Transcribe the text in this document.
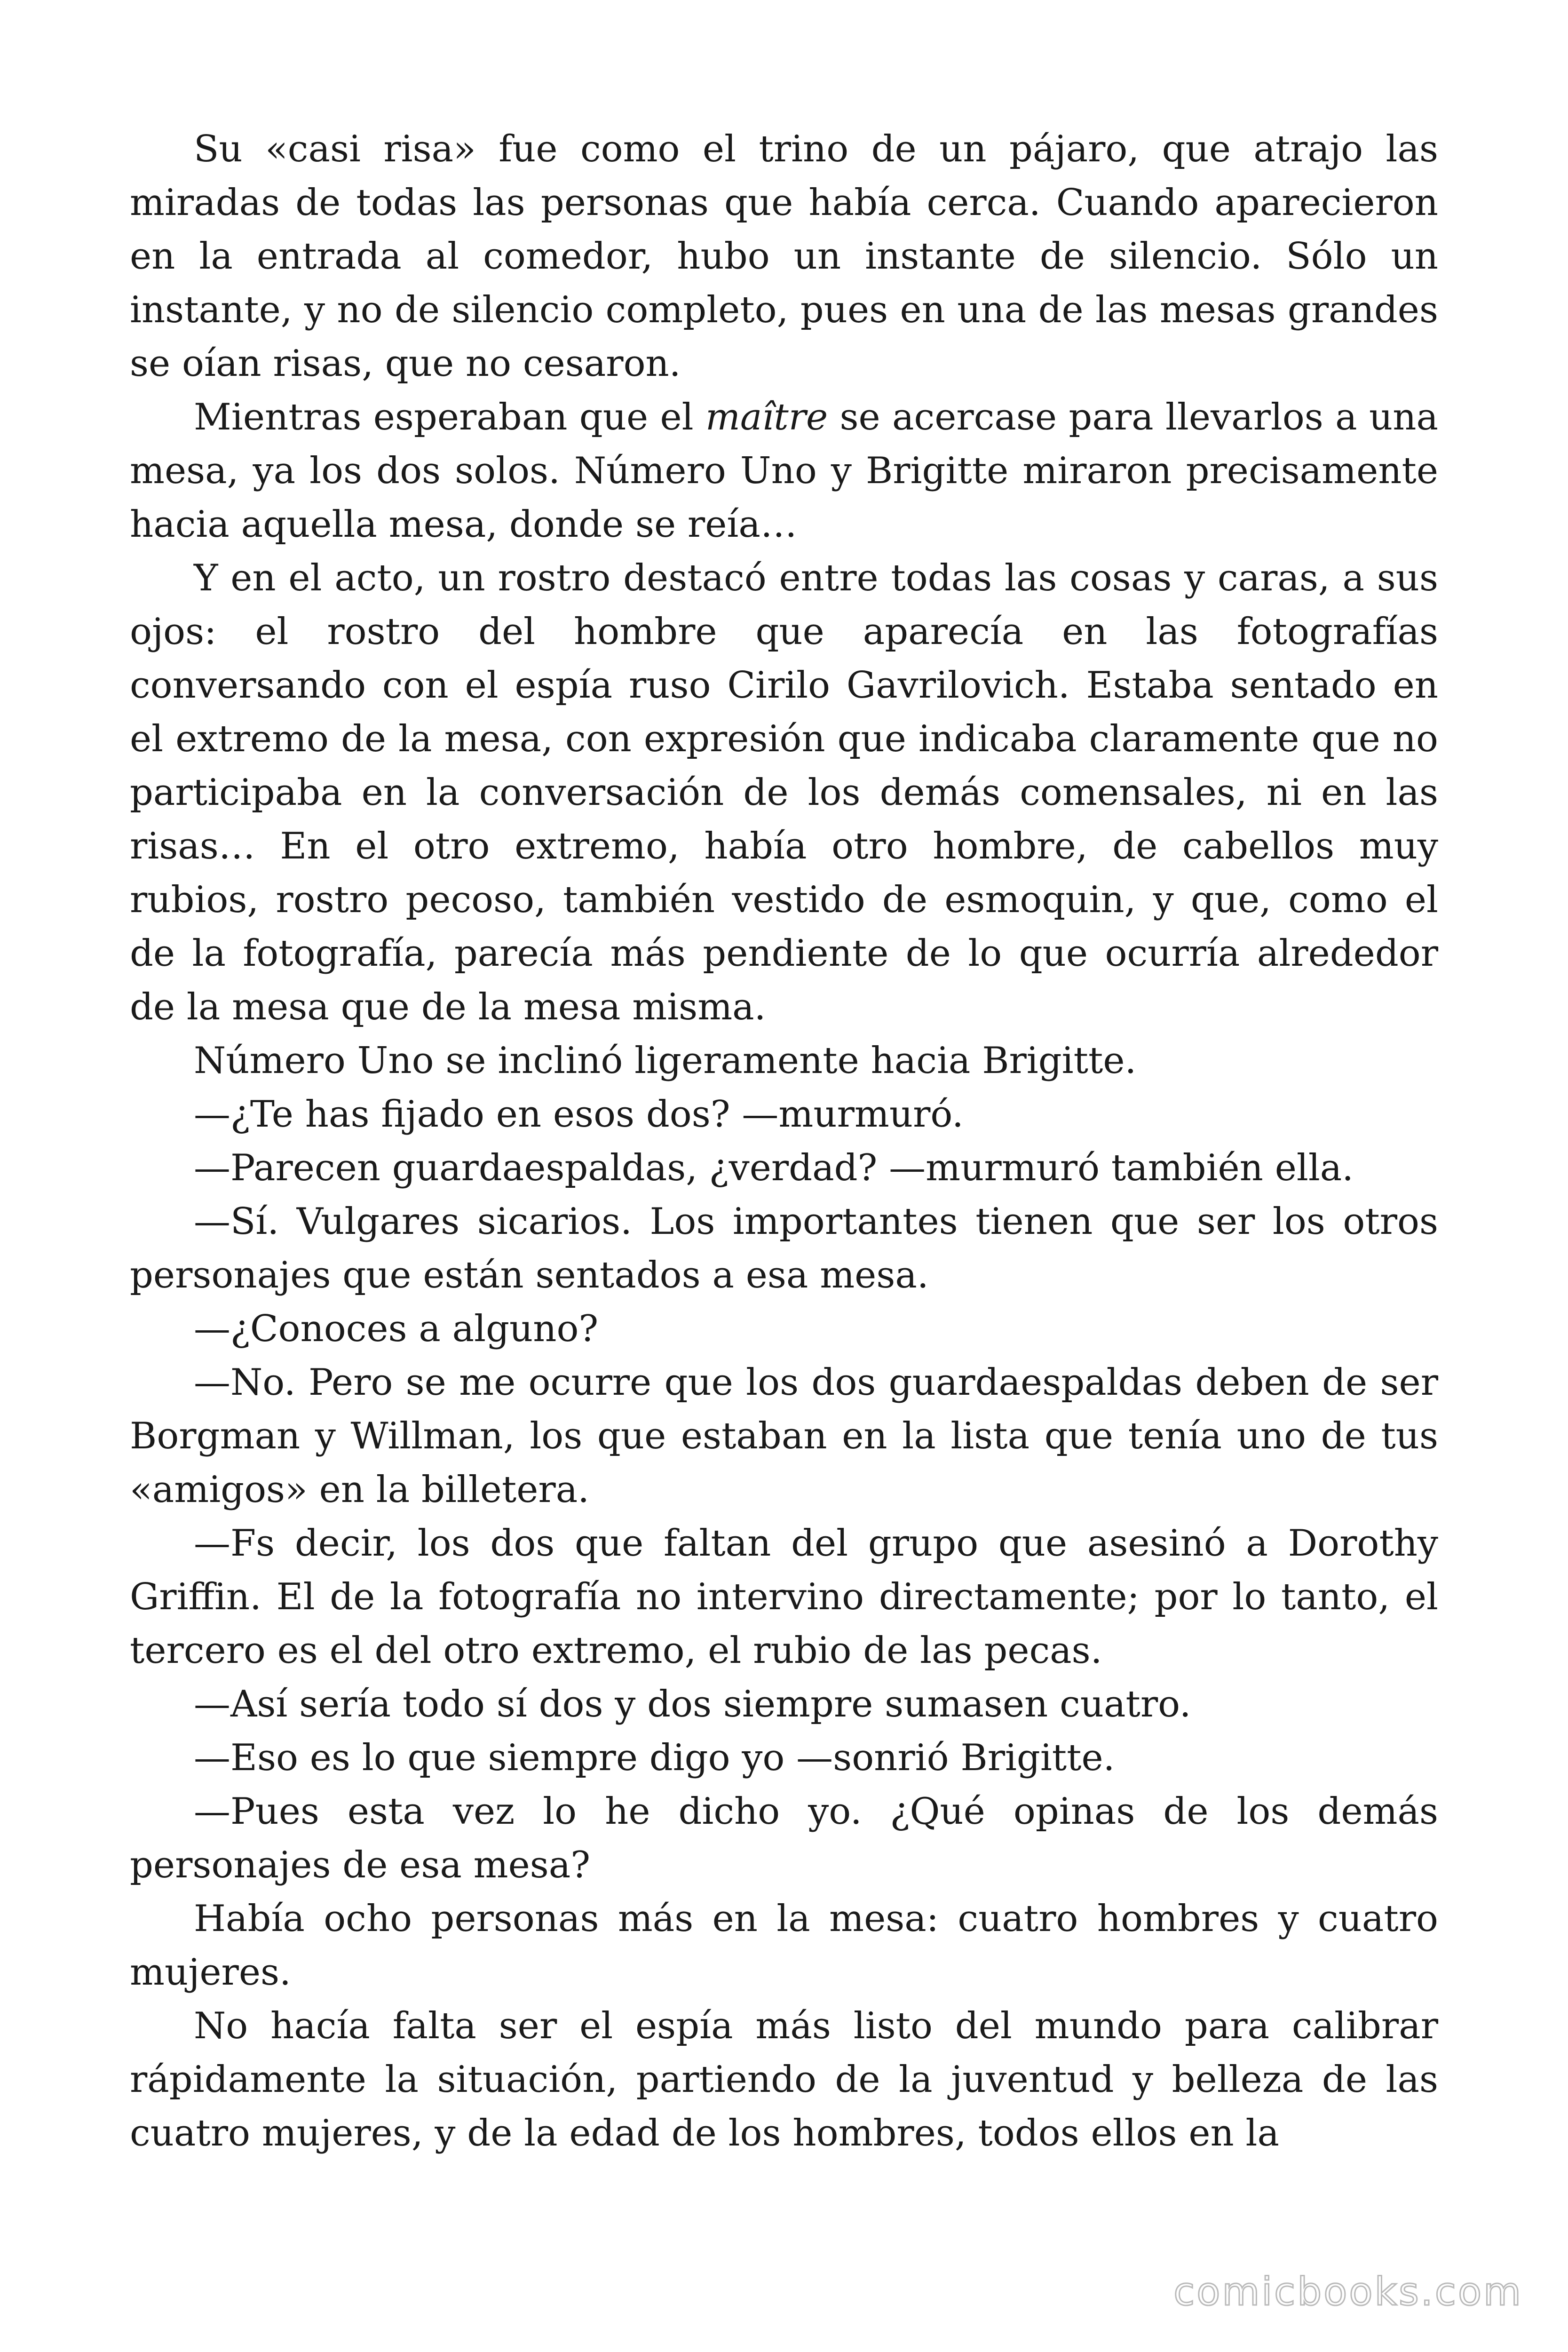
Su «casi risa» fue como el trino de un pájaro, que atrajo las miradas de todas las personas que había cerca. Cuando aparecieron en la entrada al comedor, hubo un instante de silencio. Sólo un instante, y no de silencio completo, pues en una de las mesas grandes se oían risas, que no cesaron.

Mientras esperaban que el maître se acercase para llevarlos a una mesa, ya los dos solos. Número Uno y Brigitte miraron precisamente hacia aquella mesa, donde se reía…

Y en el acto, un rostro destacó entre todas las cosas y caras, a sus ojos: el rostro del hombre que aparecía en las fotografías conversando con el espía ruso Cirilo Gavrilovich. Estaba sentado en el extremo de la mesa, con expresión que indicaba claramente que no participaba en la conversación de los demás comensales, ni en las risas… En el otro extremo, había otro hombre, de cabellos muy rubios, rostro pecoso, también vestido de esmoquin, y que, como el de la fotografía, parecía más pendiente de lo que ocurría alrededor de la mesa que de la mesa misma.

Número Uno se inclinó ligeramente hacia Brigitte.

—¿Te has fijado en esos dos? —murmuró.

—Parecen guardaespaldas, ¿verdad? —murmuró también ella.

—Sí. Vulgares sicarios. Los importantes tienen que ser los otros personajes que están sentados a esa mesa.

—¿Conoces a alguno?

—No. Pero se me ocurre que los dos guardaespaldas deben de ser Borgman y Willman, los que estaban en la lista que tenía uno de tus «amigos» en la billetera.

—Fs decir, los dos que faltan del grupo que asesinó a Dorothy Griffin. El de la fotografía no intervino directamente; por lo tanto, el tercero es el del otro extremo, el rubio de las pecas.

—Así sería todo sí dos y dos siempre sumasen cuatro.

—Eso es lo que siempre digo yo —sonrió Brigitte.

—Pues esta vez lo he dicho yo. ¿Qué opinas de los demás personajes de esa mesa?

Había ocho personas más en la mesa: cuatro hombres y cuatro mujeres.

No hacía falta ser el espía más listo del mundo para calibrar rápidamente la situación, partiendo de la juventud y belleza de las cuatro mujeres, y de la edad de los hombres, todos ellos en la

comicbooks.com
